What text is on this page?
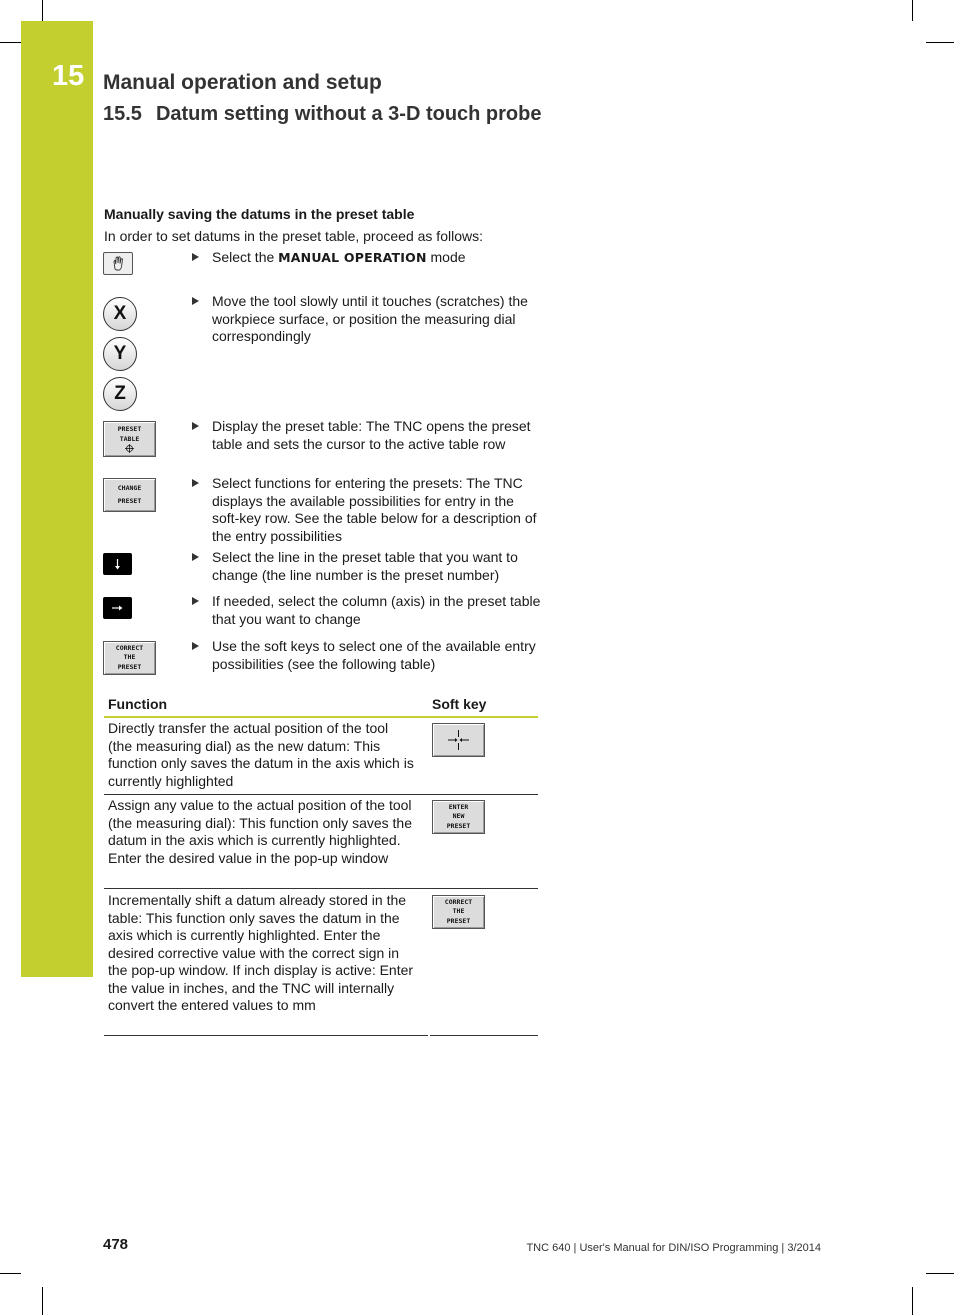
15 Manual operation and setup
15.5 Datum setting without a 3-D touch probe
Manually saving the datums in the preset table
In order to set datums in the preset table, proceed as follows:
Select the MANUAL OPERATION mode
X
Y
Z
Move the tool slowly until it touches (scratches) the workpiece surface, or position the measuring dial correspondingly
PRESET
TABLE
Display the preset table: The TNC opens the preset table and sets the cursor to the active table row
CHANGE
PRESET
Select functions for entering the presets: The TNC displays the available possibilities for entry in the soft-key row. See the table below for a description of the entry possibilities
Select the line in the preset table that you want to change (the line number is the preset number)
If needed, select the column (axis) in the preset table that you want to change
CORRECT
THE
PRESET
Use the soft keys to select one of the available entry possibilities (see the following table)
Function	Soft key
Directly transfer the actual position of the tool (the measuring dial) as the new datum: This function only saves the datum in the axis which is currently highlighted
Assign any value to the actual position of the tool (the measuring dial): This function only saves the datum in the axis which is currently highlighted. Enter the desired value in the pop-up window
ENTER
NEW
PRESET
Incrementally shift a datum already stored in the table: This function only saves the datum in the axis which is currently highlighted. Enter the desired corrective value with the correct sign in the pop-up window. If inch display is active: Enter the value in inches, and the TNC will internally convert the entered values to mm
CORRECT
THE
PRESET
478	TNC 640 | User's Manual for DIN/ISO Programming | 3/2014
